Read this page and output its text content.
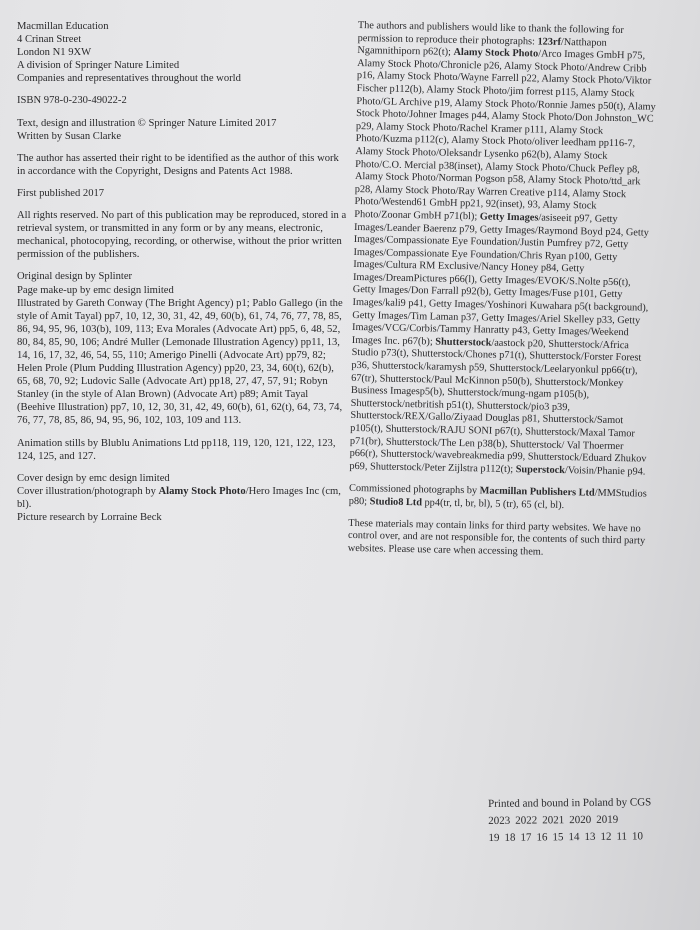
Macmillan Education
4 Crinan Street
London N1 9XW
A division of Springer Nature Limited
Companies and representatives throughout the world

ISBN 978-0-230-49022-2

Text, design and illustration © Springer Nature Limited 2017
Written by Susan Clarke

The author has asserted their right to be identified as the author of this work in accordance with the Copyright, Designs and Patents Act 1988.

First published 2017

All rights reserved. No part of this publication may be reproduced, stored in a retrieval system, or transmitted in any form or by any means, electronic, mechanical, photocopying, recording, or otherwise, without the prior written permission of the publishers.

Original design by Splinter
Page make-up by emc design limited
Illustrated by Gareth Conway (The Bright Agency) p1; Pablo Gallego (in the style of Amit Tayal) pp7, 10, 12, 30, 31, 42, 49, 60(b), 61, 74, 76, 77, 78, 85, 86, 94, 95, 96, 103(b), 109, 113; Eva Morales (Advocate Art) pp5, 6, 48, 52, 80, 84, 85, 90, 106; André Muller (Lemonade Illustration Agency) pp11, 13, 14, 16, 17, 32, 46, 54, 55, 110; Amerigo Pinelli (Advocate Art) pp79, 82; Helen Prole (Plum Pudding Illustration Agency) pp20, 23, 34, 60(t), 62(b), 65, 68, 70, 92; Ludovic Salle (Advocate Art) pp18, 27, 47, 57, 91; Robyn Stanley (in the style of Alan Brown) (Advocate Art) p89; Amit Tayal (Beehive Illustration) pp7, 10, 12, 30, 31, 42, 49, 60(b), 61, 62(t), 64, 73, 74, 76, 77, 78, 85, 86, 94, 95, 96, 102, 103, 109 and 113.

Animation stills by Blublu Animations Ltd pp118, 119, 120, 121, 122, 123, 124, 125, and 127.

Cover design by emc design limited
Cover illustration/photograph by Alamy Stock Photo/Hero Images Inc (cm, bl).
Picture research by Lorraine Beck

The authors and publishers would like to thank the following for permission to reproduce their photographs: 123rf/Natthapon Ngamnithiporn p62(t); Alamy Stock Photo/Arco Images GmbH p75, Alamy Stock Photo/Chronicle p26, Alamy Stock Photo/Andrew Cribb p16, Alamy Stock Photo/Wayne Farrell p22, Alamy Stock Photo/Viktor Fischer p112(b), Alamy Stock Photo/jim forrest p115, Alamy Stock Photo/GL Archive p19, Alamy Stock Photo/Ronnie James p50(t), Alamy Stock Photo/Johner Images p44, Alamy Stock Photo/Don Johnston_WC p29, Alamy Stock Photo/Rachel Kramer p111, Alamy Stock Photo/Kuzma p112(c), Alamy Stock Photo/oliver leedham pp116-7, Alamy Stock Photo/Oleksandr Lysenko p62(b), Alamy Stock Photo/C.O. Mercial p38(inset), Alamy Stock Photo/Chuck Pefley p8, Alamy Stock Photo/Norman Pogson p58, Alamy Stock Photo/ttd_ark p28, Alamy Stock Photo/Ray Warren Creative p114, Alamy Stock Photo/Westend61 GmbH pp21, 92(inset), 93, Alamy Stock Photo/Zoonar GmbH p71(bl); Getty Images/asiseeit p97, Getty Images/Leander Baerenz p79, Getty Images/Raymond Boyd p24, Getty Images/Compassionate Eye Foundation/Justin Pumfrey p72, Getty Images/Compassionate Eye Foundation/Chris Ryan p100, Getty Images/Cultura RM Exclusive/Nancy Honey p84, Getty Images/DreamPictures p66(l), Getty Images/EVOK/S.Nolte p56(t), Getty Images/Don Farrall p92(b), Getty Images/Fuse p101, Getty Images/kali9 p41, Getty Images/Yoshinori Kuwahara p5(t background), Getty Images/Tim Laman p37, Getty Images/Ariel Skelley p33, Getty Images/VCG/Corbis/Tammy Hanratty p43, Getty Images/Weekend Images Inc. p67(b); Shutterstock/aastock p20, Shutterstock/Africa Studio p73(t), Shutterstock/Chones p71(t), Shutterstock/Forster Forest p36, Shutterstock/karamysh p59, Shutterstock/Leelaryonkul pp66(tr), 67(tr), Shutterstock/Paul McKinnon p50(b), Shutterstock/Monkey Business Imagesp5(b), Shutterstock/mung-ngam p105(b), Shutterstock/netbritish p51(t), Shutterstock/pio3 p39, Shutterstock/REX/Gallo/Ziyaad Douglas p81, Shutterstock/Samot p105(t), Shutterstock/RAJU SONI p67(t), Shutterstock/Maxal Tamor p71(br), Shutterstock/The Len p38(b), Shutterstock/ Val Thoermer p66(r), Shutterstock/wavebreakmedia p99, Shutterstock/Eduard Zhukov p69, Shutterstock/Peter Zijlstra p112(t); Superstock/Voisin/Phanie p94.

Commissioned photographs by Macmillan Publishers Ltd/MMStudios p80; Studio8 Ltd pp4(tr, tl, br, bl), 5 (tr), 65 (cl, bl).

These materials may contain links for third party websites. We have no control over, and are not responsible for, the contents of such third party websites. Please use care when accessing them.

Printed and bound in Poland by CGS
2023 2022 2021 2020 2019
19 18 17 16 15 14 13 12 11 10
